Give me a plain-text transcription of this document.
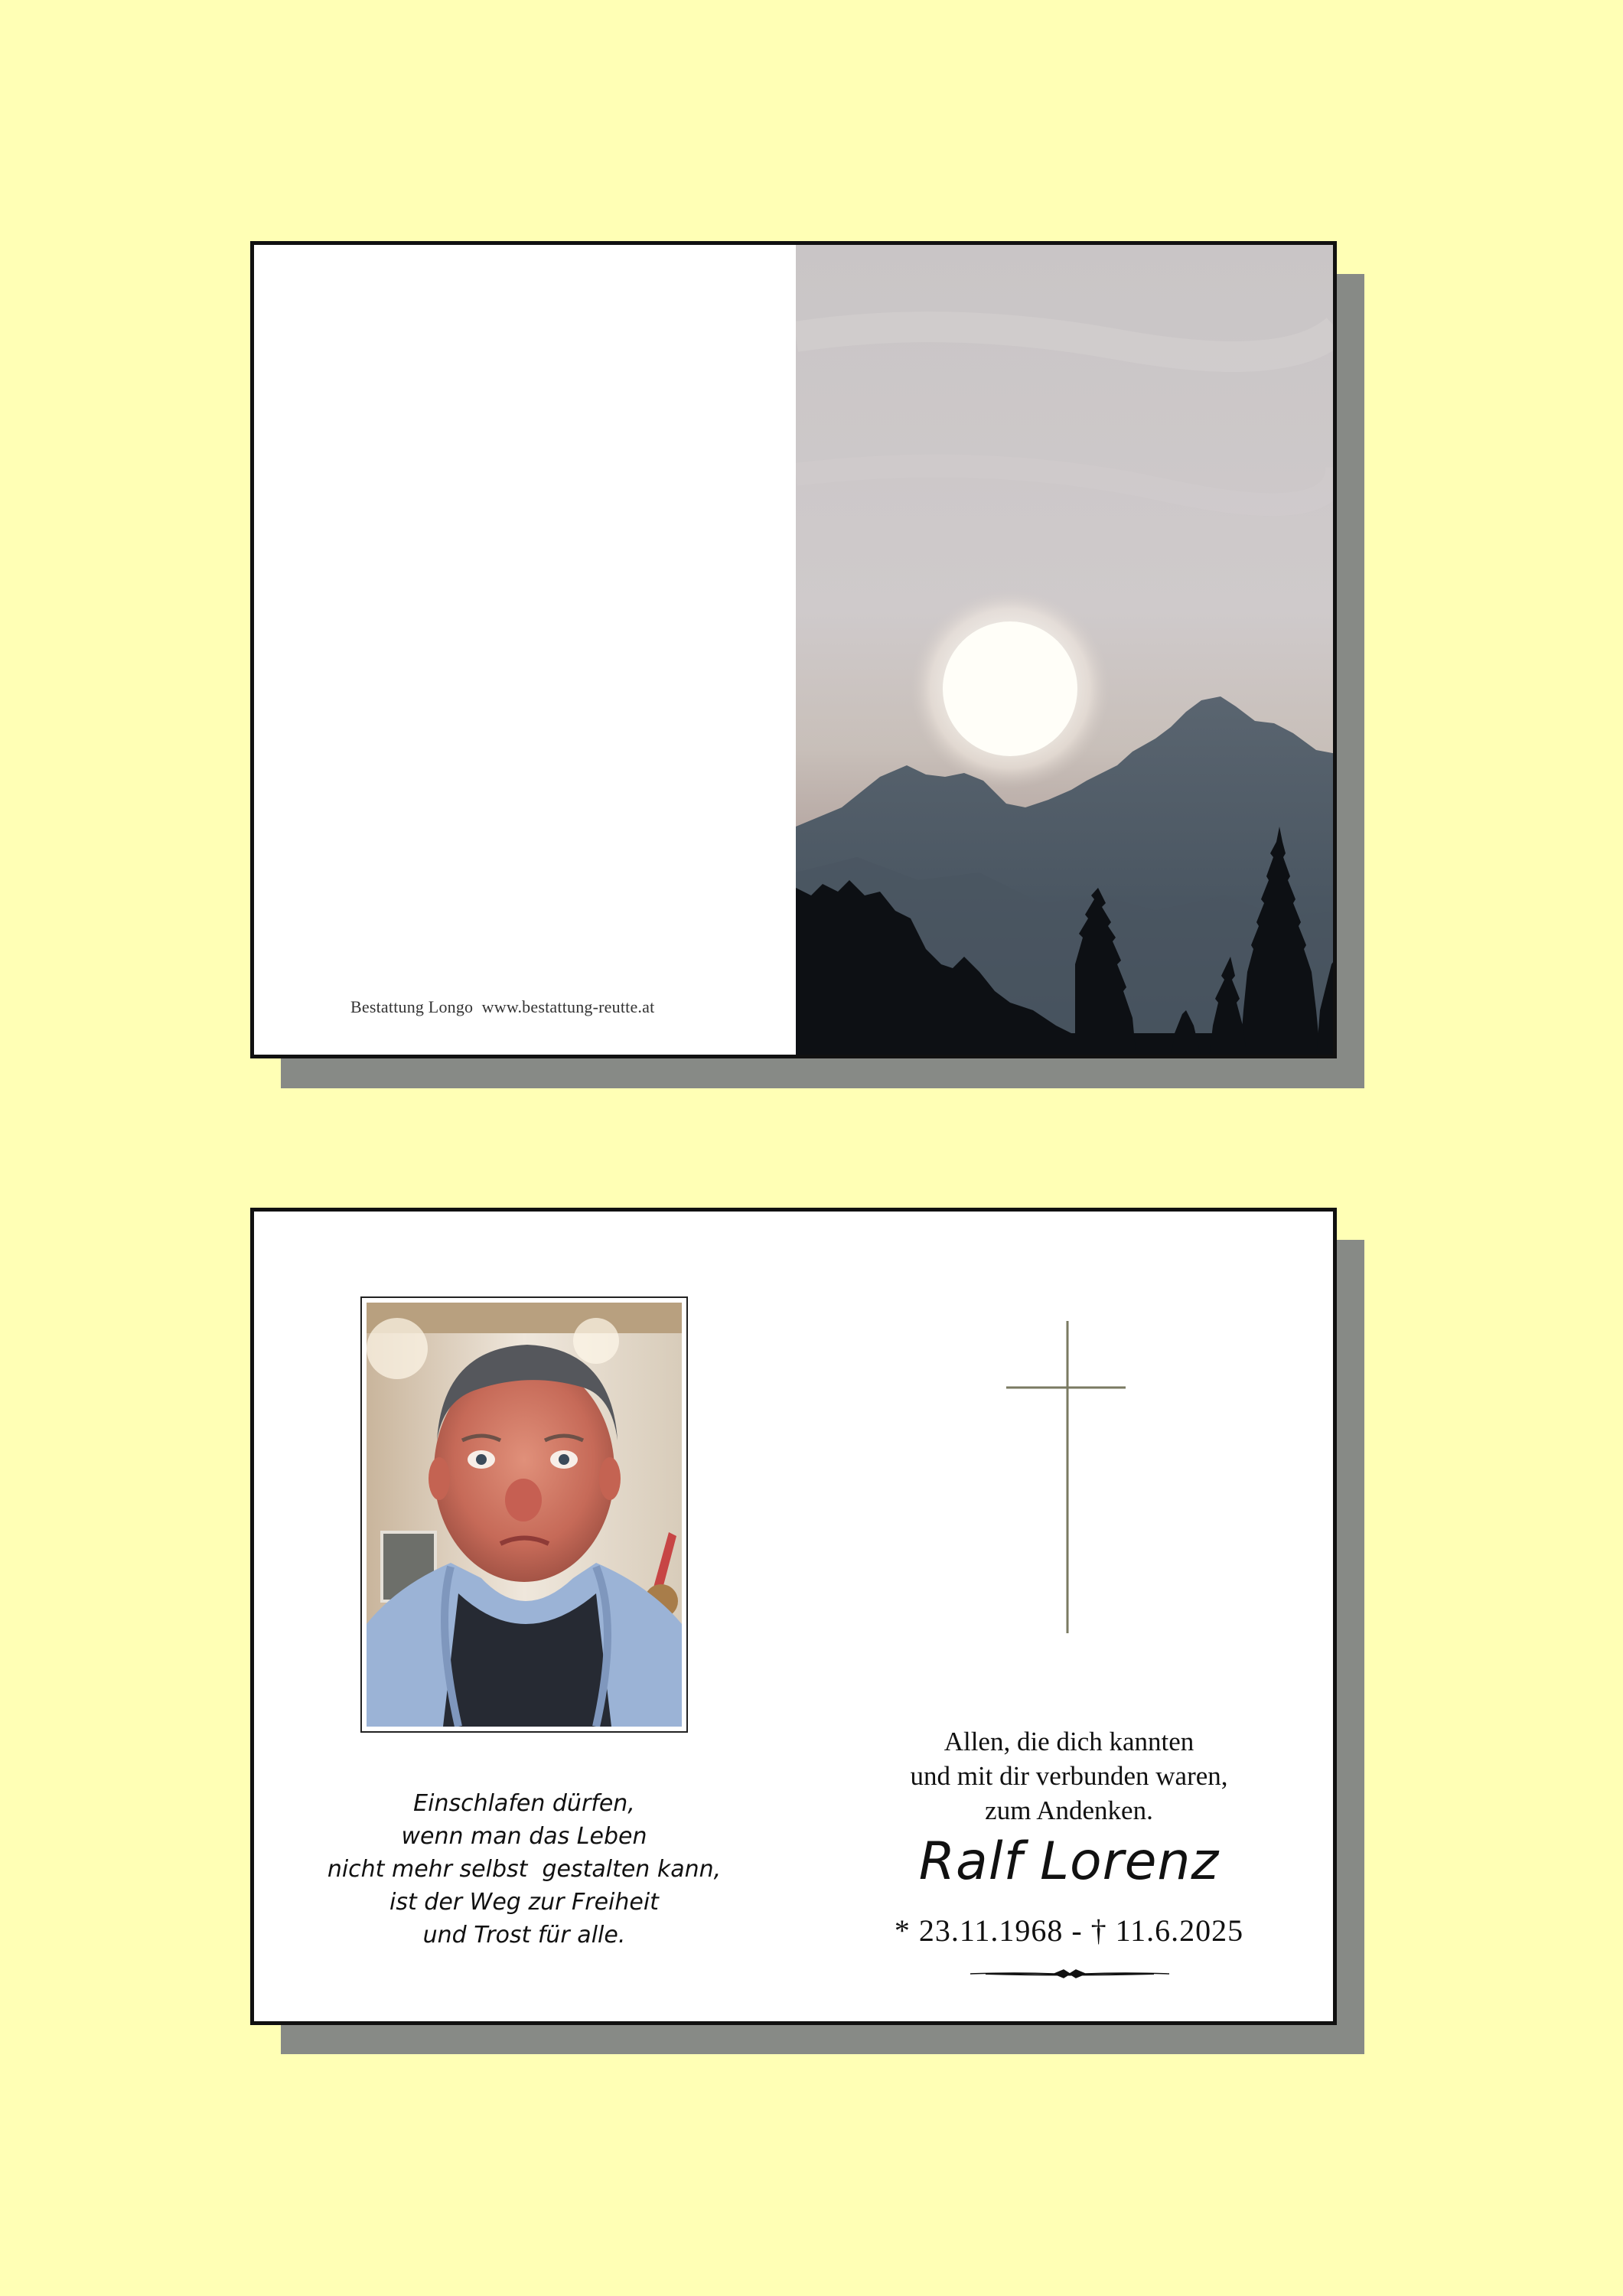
Bestattung Longo  www.bestattung-reutte.at
Einschlafen dürfen,
wenn man das Leben
nicht mehr selbst  gestalten kann,
ist der Weg zur Freiheit
und Trost für alle.
Allen, die dich kannten
und mit dir verbunden waren,
zum Andenken.
Ralf Lorenz
* 23.11.1968 - † 11.6.2025
